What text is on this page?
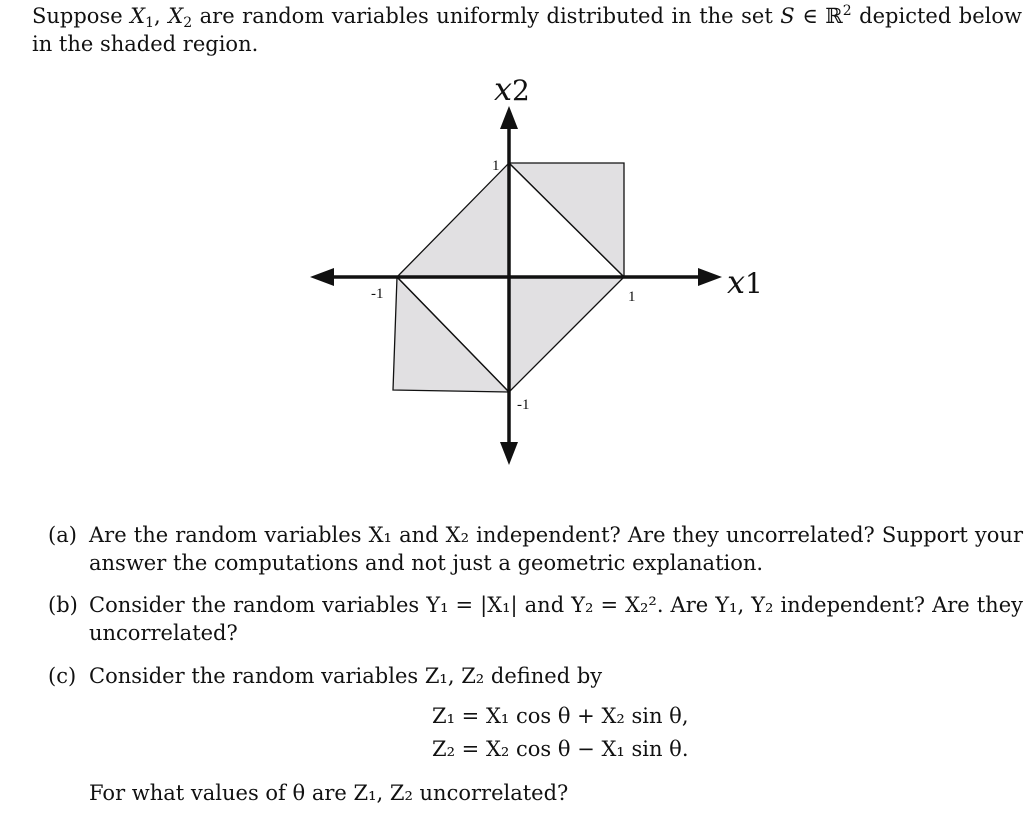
Suppose $X_1$, $X_2$ are random variables uniformly distributed in the set S ∈ ℝ$^2$ depicted below in the shaded region.
x1
x2
-1	1
1
-1
(a) Are the random variables X₁ and X₂ independent? Are they uncorrelated? Support your answer the computations and not just a geometric explanation.
(b) Consider the random variables Y₁ = |X₁| and Y₂ = X₂². Are Y₁, Y₂ independent? Are they uncorrelated?
(c) Consider the random variables Z₁, Z₂ defined by
Z₁ = X₁ cos θ + X₂ sin θ,
Z₂ = X₂ cos θ − X₁ sin θ.
For what values of θ are Z₁, Z₂ uncorrelated?
